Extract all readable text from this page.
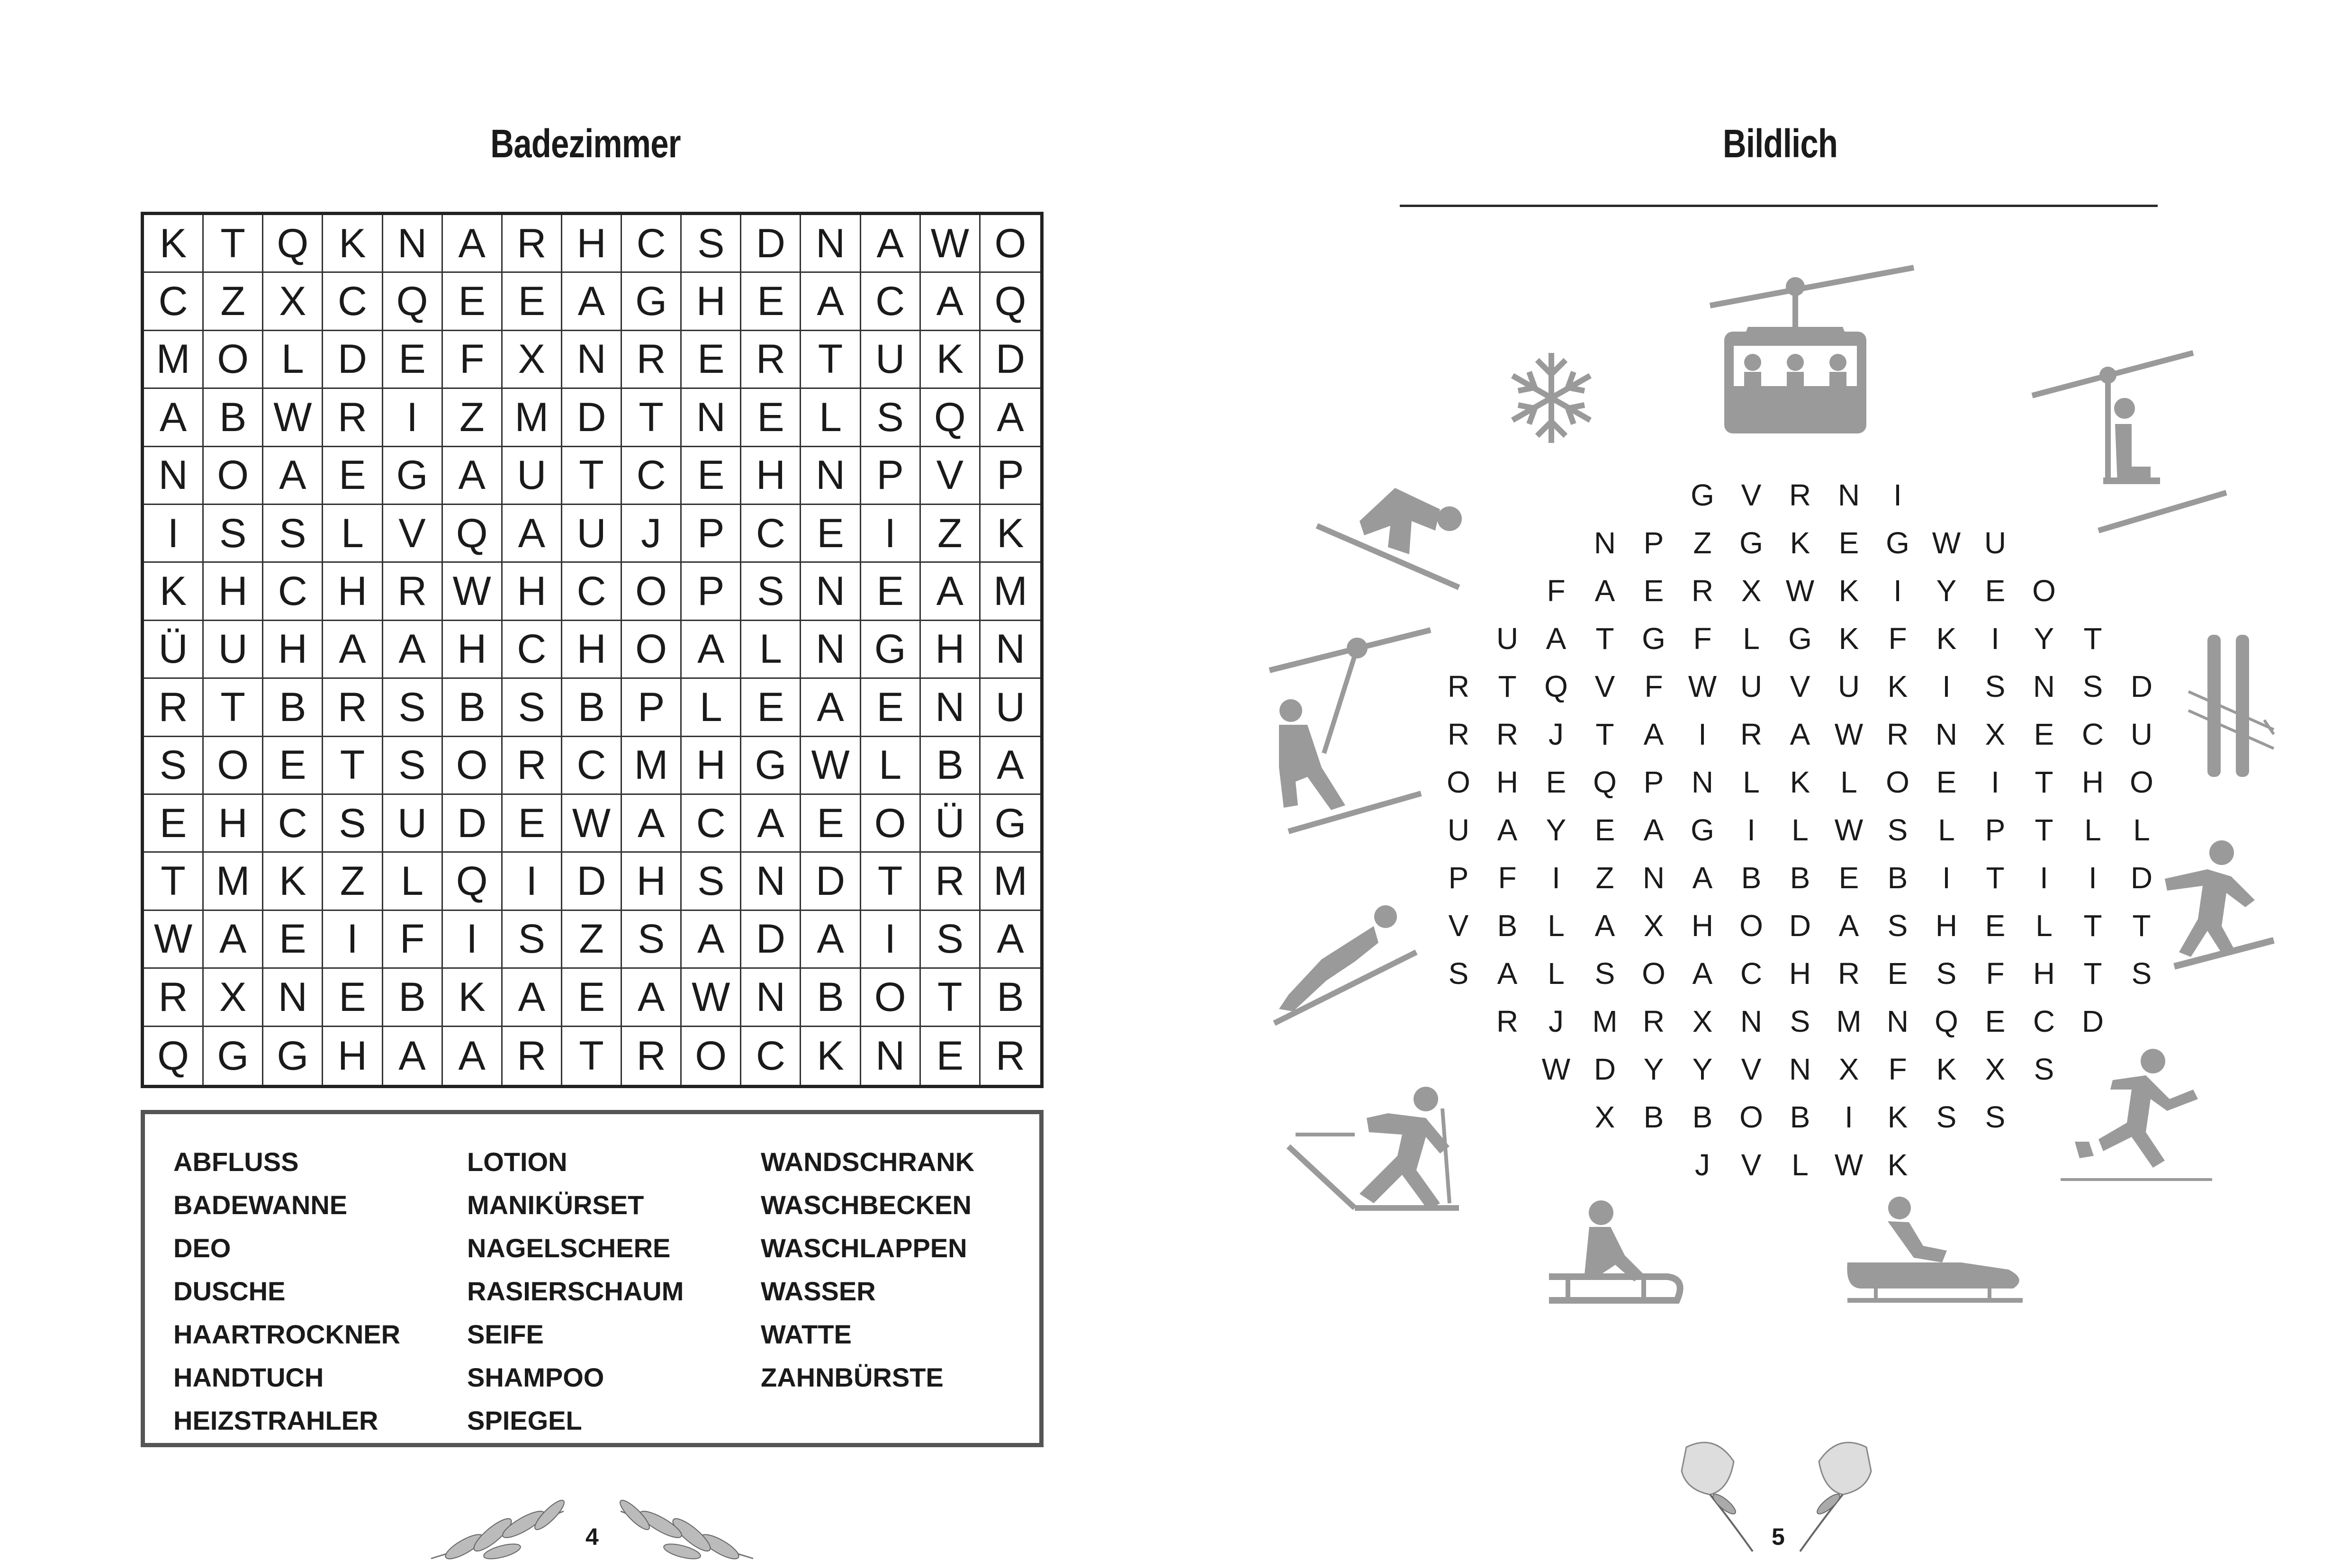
Badezimmer
K T Q K N A R H C S D N A W O
C Z X C Q E E A G H E A C A Q
M O L D E F X N R E R T U K D
A B W R I	Z M D T N E L S Q A
N O A E G A U T C E H N P V P
I S S L V Q A U J P C E I	Z K
K H C H R W H C O P S N E A M
Ü U H A A H C H O A L N G H N
R T B R S B S B P L E A E N U
S O E T S O R C M H G W L B A
E H C S U D E W A C A E O Ü G
T M K Z L Q I D H S N D T R M
W A E I	F	I S Z S A D A I S A
R X N E B K A E A W N B O T B
Q G G H A A R T R O C K N E R
ABFLUSS
BADEWANNE
DEO
DUSCHE
HAARTROCKNER
HANDTUCH
HEIZSTRAHLER
LOTION
MANIKÜRSET
NAGELSCHERE
RASIERSCHAUM
SEIFE
SHAMPOO
SPIEGEL
WANDSCHRANK
WASCHBECKEN
WASCHLAPPEN
WASSER
WATTE
ZAHNBÜRSTE
4
Bildlich
G V R N	I
N P Z G K E G W U
F A E R X W K	I	Y E O
U A T G F	L G K F K	I	Y T
R T Q V F W U V U K	I	S N S D
R R J	T A	I	R A W R N X E C U
O H E Q P N L K L O E	I	T H O
U A Y E A G	I	L W S L P T	L	L
P F	I	Z N A B B E B	I	T	I	I	D
V B L A X H O D A S H E L	T T
S A L S O A C H R E S F H T S
R J M R X N S M N Q E C D
W D Y Y V N X F K X S
X B B O B	I	K S S
J	V L W K
5
